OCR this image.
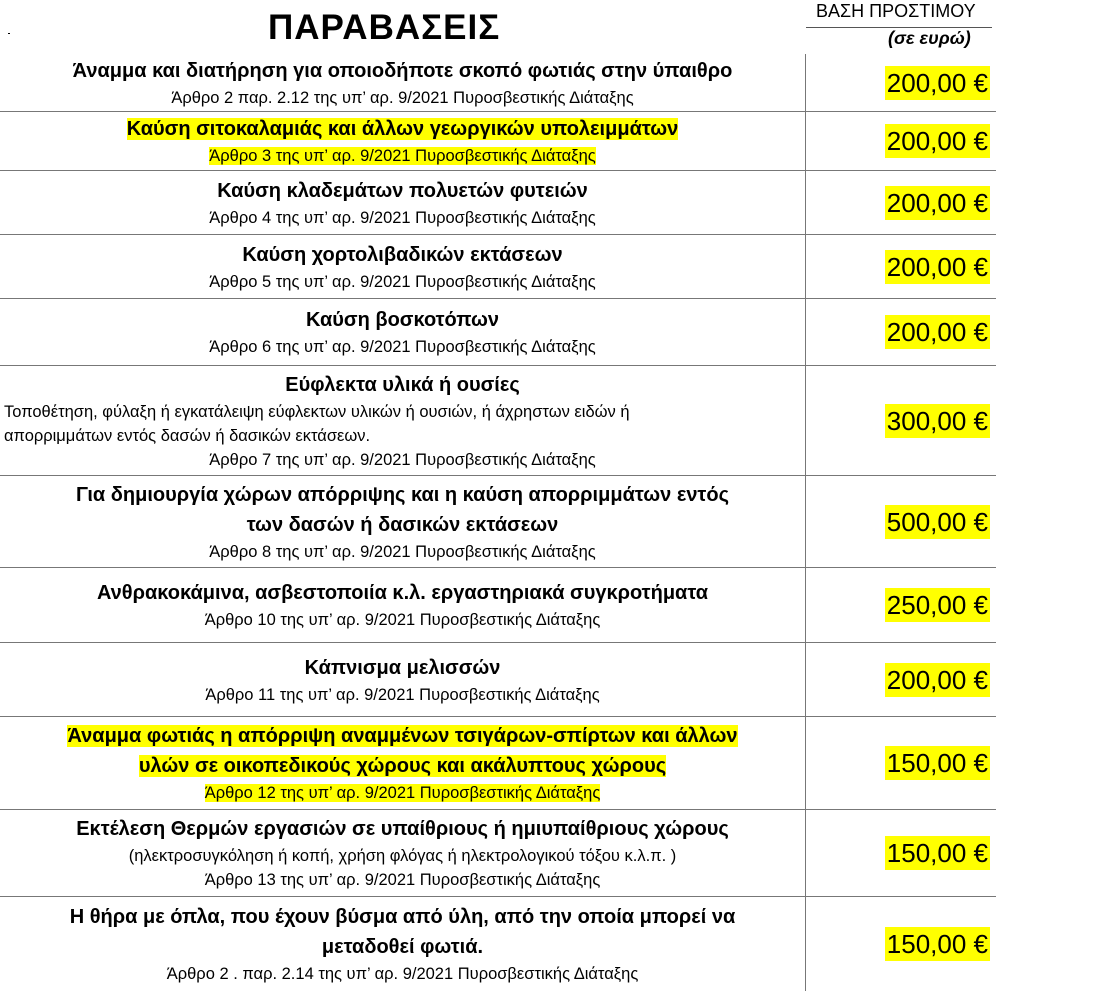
ΠΑΡΑΒΑΣΕΙΣ	ΒΑΣΗ ΠΡΟΣΤΙΜΟΥ
(σε ευρώ)
Άναμμα και διατήρηση για οποιοδήποτε σκοπό φωτιάς στην ύπαιθρο
Άρθρο 2 παρ. 2.12 της υπ’ αρ. 9/2021 Πυροσβεστικής Διάταξης	200,00 €
Καύση σιτοκαλαμιάς και άλλων γεωργικών υπολειμμάτων
Άρθρο 3 της υπ’ αρ. 9/2021 Πυροσβεστικής Διάταξης	200,00 €
Καύση κλαδεμάτων πολυετών φυτειών
Άρθρο 4 της υπ’ αρ. 9/2021 Πυροσβεστικής Διάταξης	200,00 €
Καύση χορτολιβαδικών εκτάσεων
Άρθρο 5 της υπ’ αρ. 9/2021 Πυροσβεστικής Διάταξης	200,00 €
Καύση βοσκοτόπων
Άρθρο 6 της υπ’ αρ. 9/2021 Πυροσβεστικής Διάταξης	200,00 €
Εύφλεκτα υλικά ή ουσίες
Τοποθέτηση, φύλαξη ή εγκατάλειψη εύφλεκτων υλικών ή ουσιών, ή άχρηστων ειδών ή
απορριμμάτων εντός δασών ή δασικών εκτάσεων.
Άρθρο 7 της υπ’ αρ. 9/2021 Πυροσβεστικής Διάταξης
300,00 €
Για δημιουργία χώρων απόρριψης και η καύση απορριμμάτων εντός
των δασών ή δασικών εκτάσεων
Άρθρο 8 της υπ’ αρ. 9/2021 Πυροσβεστικής Διάταξης
500,00 €
Ανθρακοκάμινα, ασβεστοποιία κ.λ. εργαστηριακά συγκροτήματα
Άρθρο 10 της υπ’ αρ. 9/2021 Πυροσβεστικής Διάταξης	250,00 €
Κάπνισμα μελισσών
Άρθρο 11 της υπ’ αρ. 9/2021 Πυροσβεστικής Διάταξης	200,00 €
Άναμμα φωτιάς η απόρριψη αναμμένων τσιγάρων-σπίρτων και άλλων
υλών σε οικοπεδικούς χώρους και ακάλυπτους χώρους
Άρθρο 12 της υπ’ αρ. 9/2021 Πυροσβεστικής Διάταξης
150,00 €
Εκτέλεση Θερμών εργασιών σε υπαίθριους ή ημιυπαίθριους χώρους
(ηλεκτροσυγκόληση ή κοπή, χρήση φλόγας ή ηλεκτρολογικού τόξου κ.λ.π. )
Άρθρο 13 της υπ’ αρ. 9/2021 Πυροσβεστικής Διάταξης
150,00 €
Η θήρα με όπλα, που έχουν βύσμα από ύλη, από την οποία μπορεί να
μεταδοθεί φωτιά.
Άρθρο 2 . παρ. 2.14 της υπ’ αρ. 9/2021 Πυροσβεστικής Διάταξης
150,00 €
